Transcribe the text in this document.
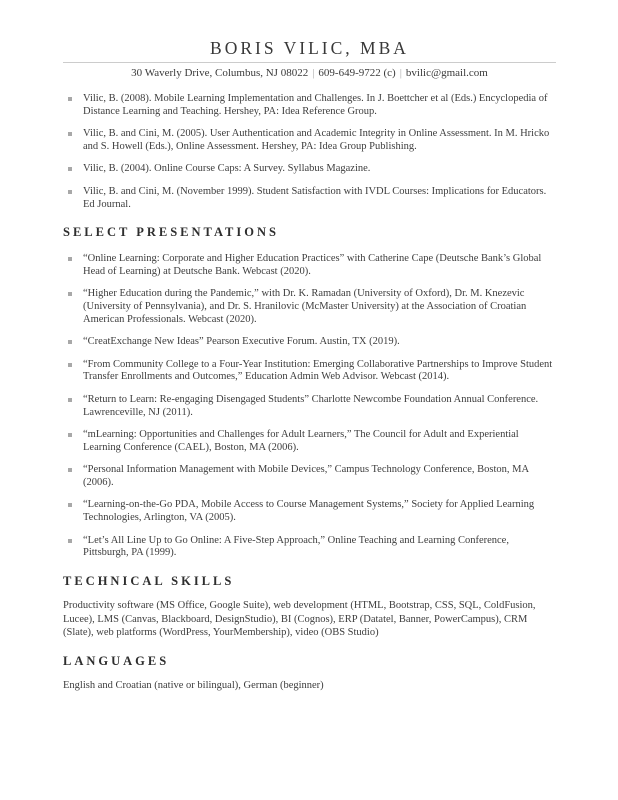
BORIS VILIC, MBA
30 Waverly Drive, Columbus, NJ 08022 | 609-649-9722 (c) | bvilic@gmail.com
Vilic, B. (2008). Mobile Learning Implementation and Challenges. In J. Boettcher et al (Eds.) Encyclopedia of Distance Learning and Teaching. Hershey, PA: Idea Reference Group.
Vilic, B. and Cini, M. (2005). User Authentication and Academic Integrity in Online Assessment. In M. Hricko and S. Howell (Eds.), Online Assessment. Hershey, PA: Idea Group Publishing.
Vilic, B. (2004). Online Course Caps: A Survey. Syllabus Magazine.
Vilic, B. and Cini, M. (November 1999). Student Satisfaction with IVDL Courses: Implications for Educators. Ed Journal.
SELECT PRESENTATIONS
“Online Learning: Corporate and Higher Education Practices” with Catherine Cape (Deutsche Bank’s Global Head of Learning) at Deutsche Bank. Webcast (2020).
“Higher Education during the Pandemic,” with Dr. K. Ramadan (University of Oxford), Dr. M. Knezevic (University of Pennsylvania), and Dr. S. Hranilovic (McMaster University) at the Association of Croatian American Professionals. Webcast (2020).
“CreatExchange New Ideas” Pearson Executive Forum. Austin, TX (2019).
“From Community College to a Four-Year Institution: Emerging Collaborative Partnerships to Improve Student Transfer Enrollments and Outcomes,” Education Admin Web Advisor. Webcast (2014).
“Return to Learn: Re-engaging Disengaged Students” Charlotte Newcombe Foundation Annual Conference. Lawrenceville, NJ (2011).
“mLearning: Opportunities and Challenges for Adult Learners,” The Council for Adult and Experiential Learning Conference (CAEL), Boston, MA (2006).
“Personal Information Management with Mobile Devices,” Campus Technology Conference, Boston, MA (2006).
“Learning-on-the-Go PDA, Mobile Access to Course Management Systems,” Society for Applied Learning Technologies, Arlington, VA (2005).
“Let’s All Line Up to Go Online: A Five-Step Approach,” Online Teaching and Learning Conference, Pittsburgh, PA (1999).
TECHNICAL SKILLS

Productivity software (MS Office, Google Suite), web development (HTML, Bootstrap, CSS, SQL, ColdFusion, Lucee), LMS (Canvas, Blackboard, DesignStudio), BI (Cognos), ERP (Datatel, Banner, PowerCampus), CRM (Slate), web platforms (WordPress, YourMembership), video (OBS Studio)

LANGUAGES

English and Croatian (native or bilingual), German (beginner)
